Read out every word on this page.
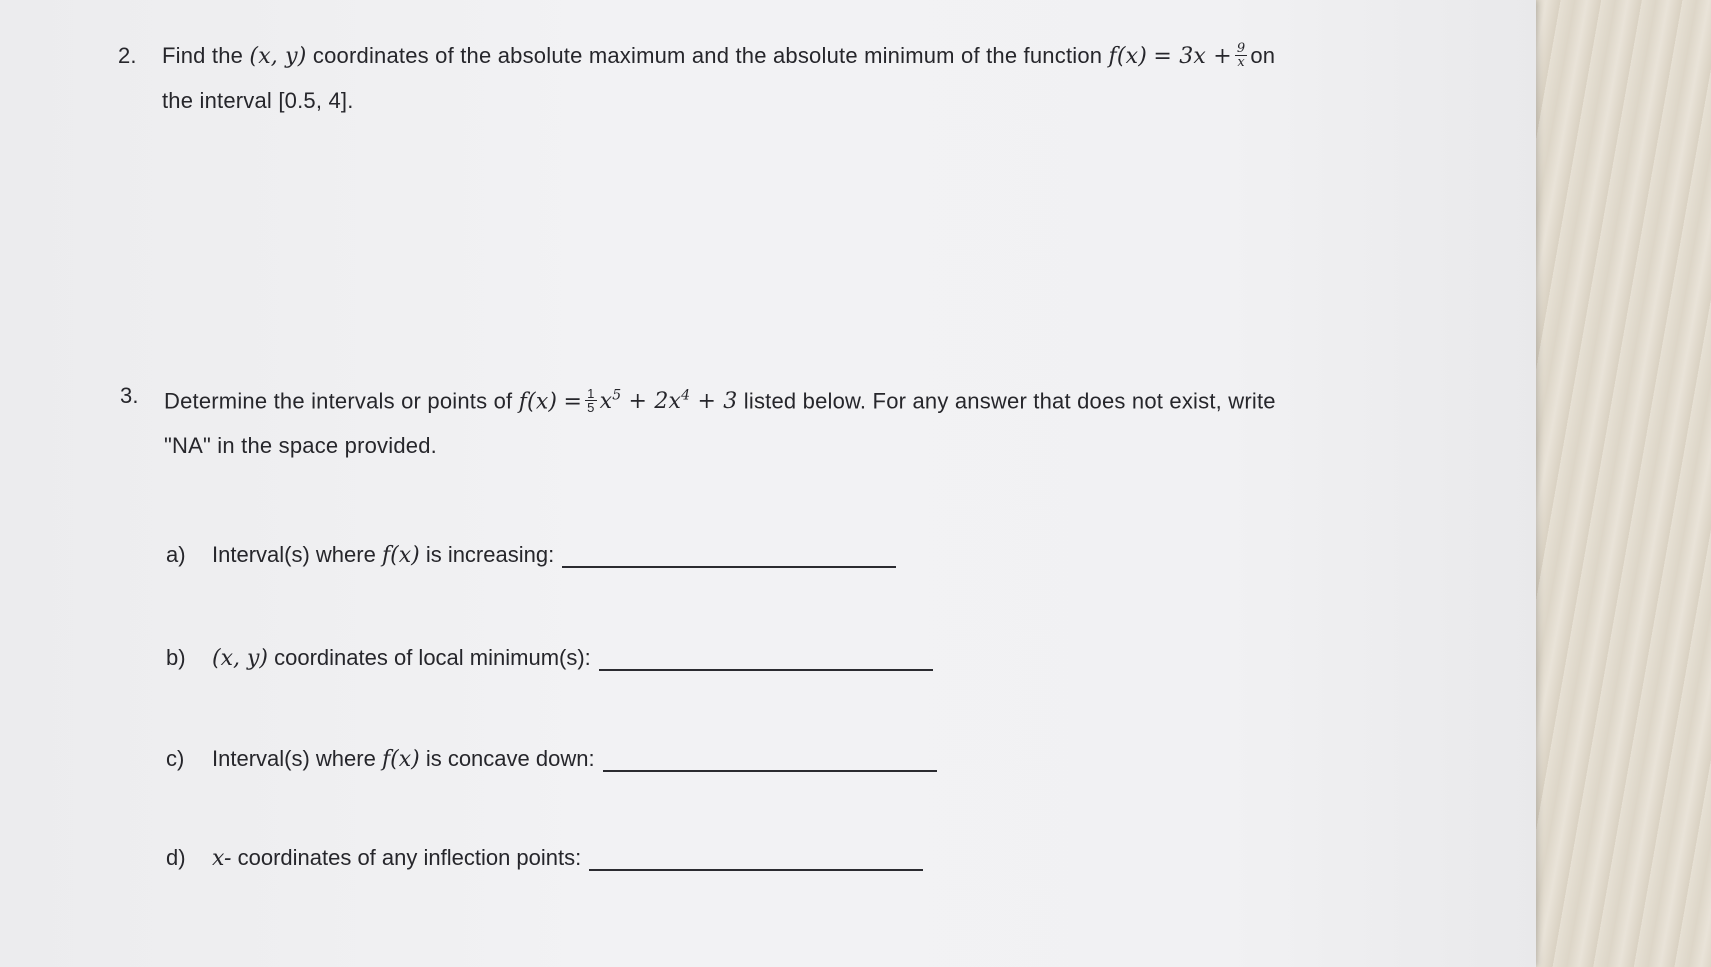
2. Find the (x, y) coordinates of the absolute maximum and the absolute minimum of the function $f(x) = 3x + \frac{9}{x}$ on
the interval [0.5, 4].
3. Determine the intervals or points of $f(x) = \frac{1}{5} x^5 + 2x^4 + 3$ listed below. For any answer that does not exist, write
"NA" in the space provided.
a)	Interval(s) where
f(x)
is increasing:
b)	(x, y)
coordinates of local minimum(s):
c)	Interval(s) where
f(x)
is concave down:
d)	x-
coordinates of any inflection points:
